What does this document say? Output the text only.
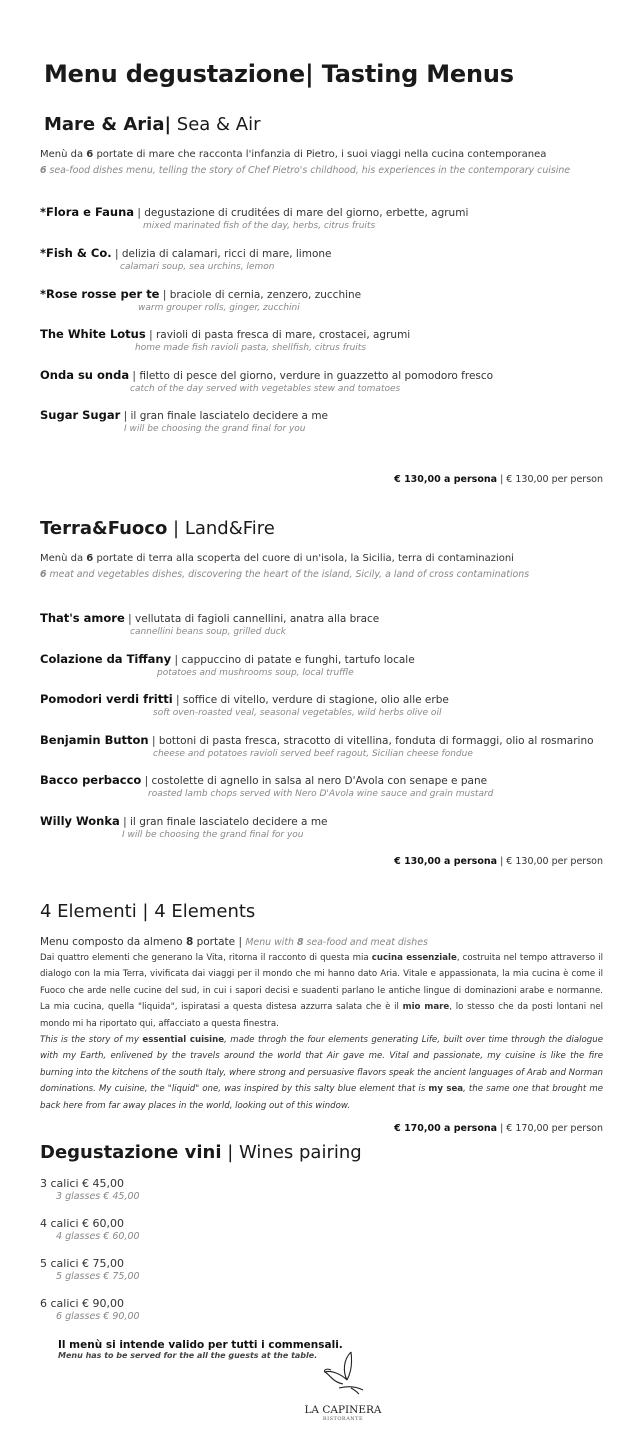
Menu degustazione| Tasting Menus
Mare & Aria| Sea & Air
Menù da 6 portate di mare che racconta l'infanzia di Pietro, i suoi viaggi nella cucina contemporanea
6 sea-food dishes menu, telling the story of Chef Pietro's childhood, his experiences in the contemporary cuisine
*Flora e Fauna | degustazione di cruditées di mare del giorno, erbette, agrumi
mixed marinated fish of the day, herbs, citrus fruits
*Fish & Co. | delizia di calamari, ricci di mare, limone
calamari soup, sea urchins, lemon
*Rose rosse per te | braciole di cernia, zenzero, zucchine
warm grouper rolls, ginger, zucchini
The White Lotus | ravioli di pasta fresca di mare, crostacei, agrumi
home made fish ravioli pasta, shellfish, citrus fruits
Onda su onda | filetto di pesce del giorno, verdure in guazzetto al pomodoro fresco
catch of the day served with vegetables stew and tomatoes
Sugar Sugar | il gran finale lasciatelo decidere a me
I will be choosing the grand final for you
€ 130,00 a persona | € 130,00 per person
Terra&Fuoco | Land&Fire
Menù da 6 portate di terra alla scoperta del cuore di un'isola, la Sicilia, terra di contaminazioni
6 meat and vegetables dishes, discovering the heart of the island, Sicily, a land of cross contaminations
That's amore | vellutata di fagioli cannellini, anatra alla brace
cannellini beans soup, grilled duck
Colazione da Tiffany | cappuccino di patate e funghi, tartufo locale
potatoes and mushrooms soup, local truffle
Pomodori verdi fritti | soffice di vitello, verdure di stagione, olio alle erbe
soft oven-roasted veal, seasonal vegetables, wild herbs olive oil
Benjamin Button | bottoni di pasta fresca, stracotto di vitellina, fonduta di formaggi, olio al rosmarino
cheese and potatoes ravioli served beef ragout, Sicilian cheese fondue
Bacco perbacco | costolette di agnello in salsa al nero D'Avola con senape e pane
roasted lamb chops served with Nero D'Avola wine sauce and grain mustard
Willy Wonka | il gran finale lasciatelo decidere a me
I will be choosing the grand final for you
€ 130,00 a persona | € 130,00 per person
4 Elementi | 4 Elements
Menu composto da almeno 8 portate | Menu with 8 sea-food and meat dishes
Dai quattro elementi che generano la Vita, ritorna il racconto di questa mia cucina essenziale, costruita nel tempo attraverso il dialogo con la mia Terra, vivificata dai viaggi per il mondo che mi hanno dato Aria. Vitale e appassionata, la mia cucina è come il Fuoco che arde nelle cucine del sud, in cui i sapori decisi e suadenti parlano le antiche lingue di dominazioni arabe e normanne. La mia cucina, quella "liquida", ispiratasi a questa distesa azzurra salata che è il mio mare, lo stesso che da posti lontani nel mondo mi ha riportato qui, affacciato a questa finestra.
This is the story of my essential cuisine, made throgh the four elements generating Life, built over time through the dialogue with my Earth, enlivened by the travels around the world that Air gave me. Vital and passionate, my cuisine is like the fire burning into the kitchens of the south Italy, where strong and persuasive flavors speak the ancient languages of Arab and Norman dominations. My cuisine, the "liquid" one, was inspired by this salty blue element that is my sea, the same one that brought me back here from far away places in the world, looking out of this window.
€ 170,00 a persona | € 170,00 per person
Degustazione vini | Wines pairing
3 calici € 45,00
3 glasses € 45,00
4 calici € 60,00
4 glasses € 60,00
5 calici € 75,00
5 glasses € 75,00
6 calici € 90,00
6 glasses € 90,00
Il menù si intende valido per tutti i commensali.
Menu has to be served for the all the guests at the table.
LA CAPINERA
RISTORANTE
